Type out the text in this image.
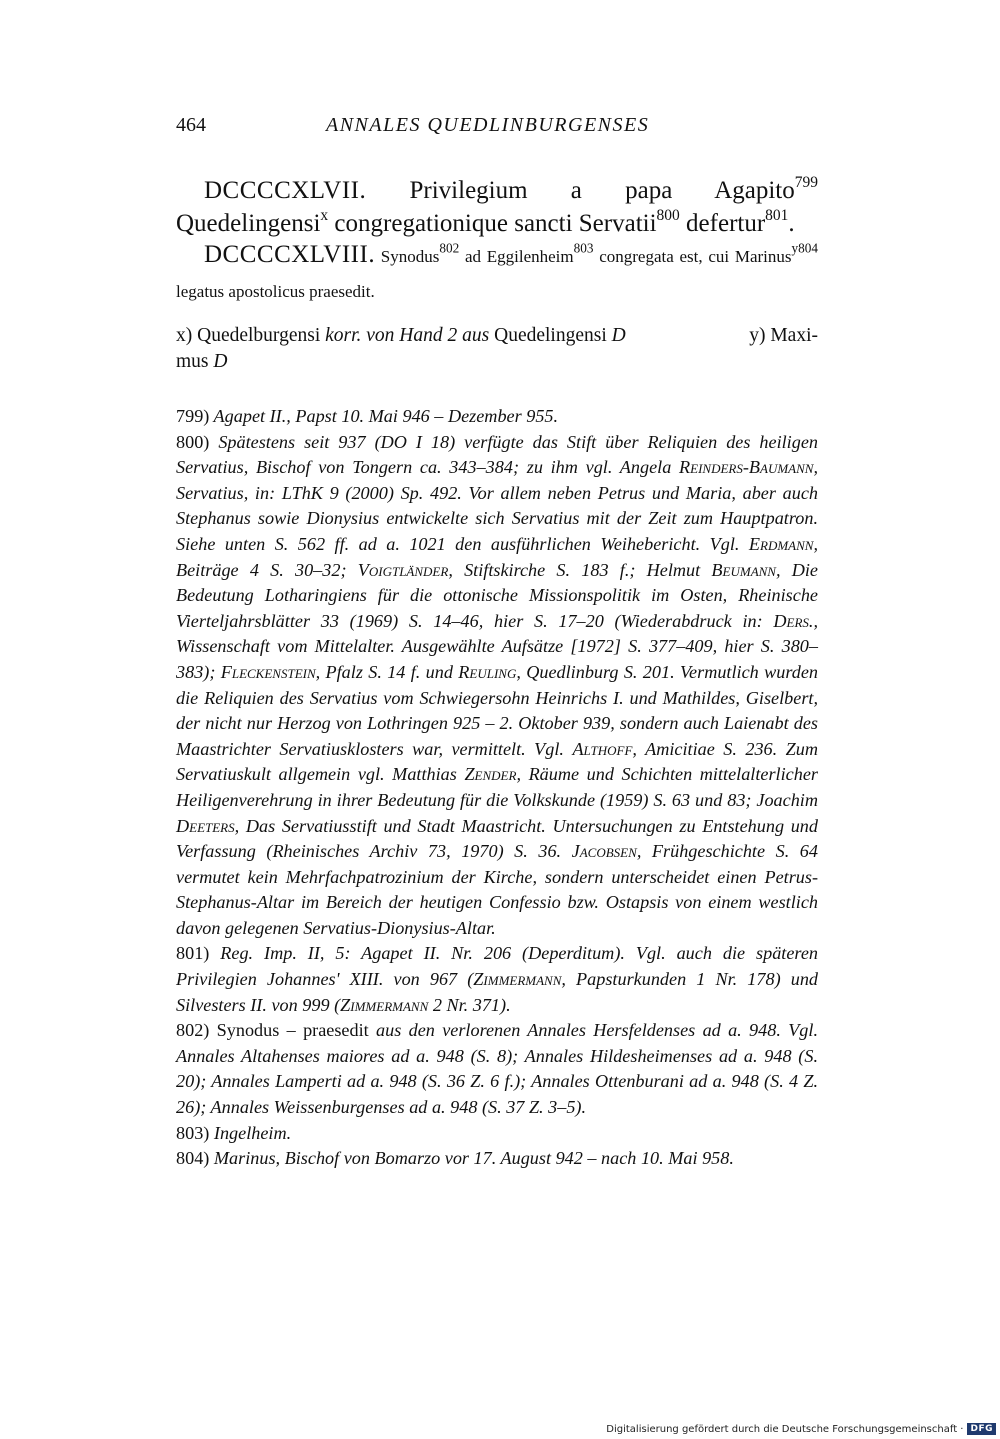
464	ANNALES QUEDLINBURGENSES

DCCCCXLVII. Privilegium a papa Agapito$^{799}$ Quedelingensi$^x$ congregationique sancti Servatii$^{800}$ defertur$^{801}$.

DCCCCXLVIII. Synodus$^{802}$ ad Eggilenheim$^{803}$ congregata est, cui Marinus$^{y804}$ legatus apostolicus praesedit.

y) Maxi-
x) Quedelburgensi korr. von Hand 2 aus Quedelingensi D
mus D

799) Agapet II., Papst 10. Mai 946 – Dezember 955.

800) Spätestens seit 937 (DO I 18) verfügte das Stift über Reliquien des heiligen Servatius, Bischof von Tongern ca. 343–384; zu ihm vgl. Angela Reinders-Baumann, Servatius, in: LThK 9 (2000) Sp. 492. Vor allem neben Petrus und Maria, aber auch Stephanus sowie Dionysius entwickelte sich Servatius mit der Zeit zum Hauptpatron. Siehe unten S. 562 ff. ad a. 1021 den ausführlichen Weihebericht. Vgl. Erdmann, Beiträge 4 S. 30–32; Voigtländer, Stiftskirche S. 183 f.; Helmut Beumann, Die Bedeutung Lotharingiens für die ottonische Missionspolitik im Osten, Rheinische Vierteljahrsblätter 33 (1969) S. 14–46, hier S. 17–20 (Wiederabdruck in: Ders., Wissenschaft vom Mittelalter. Ausgewählte Aufsätze [1972] S. 377–409, hier S. 380–383); Fleckenstein, Pfalz S. 14 f. und Reuling, Quedlinburg S. 201. Vermutlich wurden die Reliquien des Servatius vom Schwiegersohn Heinrichs I. und Mathildes, Giselbert, der nicht nur Herzog von Lothringen 925 – 2. Oktober 939, sondern auch Laienabt des Maastrichter Servatiusklosters war, vermittelt. Vgl. Althoff, Amicitiae S. 236. Zum Servatiuskult allgemein vgl. Matthias Zender, Räume und Schichten mittelalterlicher Heiligenverehrung in ihrer Bedeutung für die Volkskunde (1959) S. 63 und 83; Joachim Deeters, Das Servatiusstift und Stadt Maastricht. Untersuchungen zu Entstehung und Verfassung (Rheinisches Archiv 73, 1970) S. 36. Jacobsen, Frühgeschichte S. 64 vermutet kein Mehrfachpatrozinium der Kirche, sondern unterscheidet einen Petrus-Stephanus-Altar im Bereich der heutigen Confessio bzw. Ostapsis von einem westlich davon gelegenen Servatius-Dionysius-Altar.

801) Reg. Imp. II, 5: Agapet II. Nr. 206 (Deperditum). Vgl. auch die späteren Privilegien Johannes' XIII. von 967 (Zimmermann, Papsturkunden 1 Nr. 178) und Silvesters II. von 999 (Zimmermann 2 Nr. 371).

802) Synodus – praesedit aus den verlorenen Annales Hersfeldenses ad a. 948. Vgl. Annales Altahenses maiores ad a. 948 (S. 8); Annales Hildesheimenses ad a. 948 (S. 20); Annales Lamperti ad a. 948 (S. 36 Z. 6 f.); Annales Ottenburani ad a. 948 (S. 4 Z. 26); Annales Weissenburgenses ad a. 948 (S. 37 Z. 3–5).

803) Ingelheim.

804) Marinus, Bischof von Bomarzo vor 17. August 942 – nach 10. Mai 958.

Digitalisierung gefördert durch die Deutsche Forschungsgemeinschaft · DFG
